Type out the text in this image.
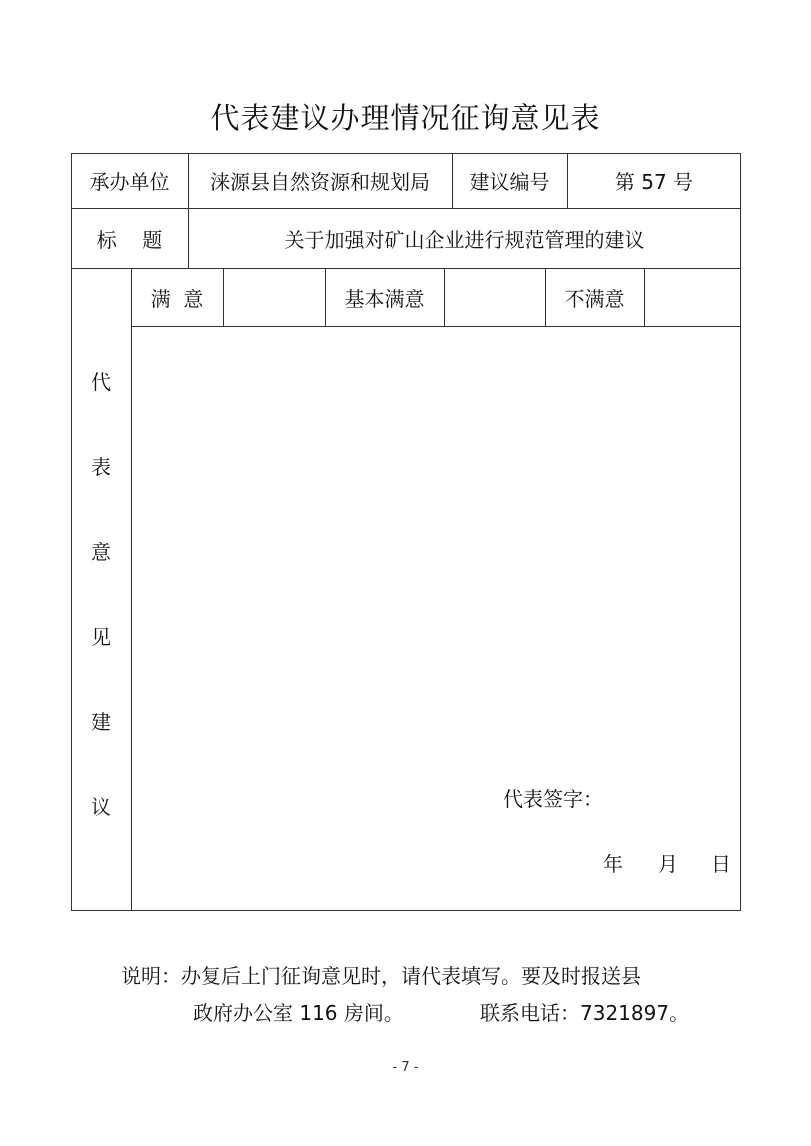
代表建议办理情况征询意见表
承办单位	涞源县自然资源和规划局	建议编号	第 57 号
标    题	关于加强对矿山企业进行规范管理的建议
满  意	基本满意	不满意
代
表
意
见
建
议	代表签字：
年 月 日
说明：办复后上门征询意见时，请代表填写。要及时报送县
政府办公室 116 房间。	联系电话：7321897。
- 7 -
